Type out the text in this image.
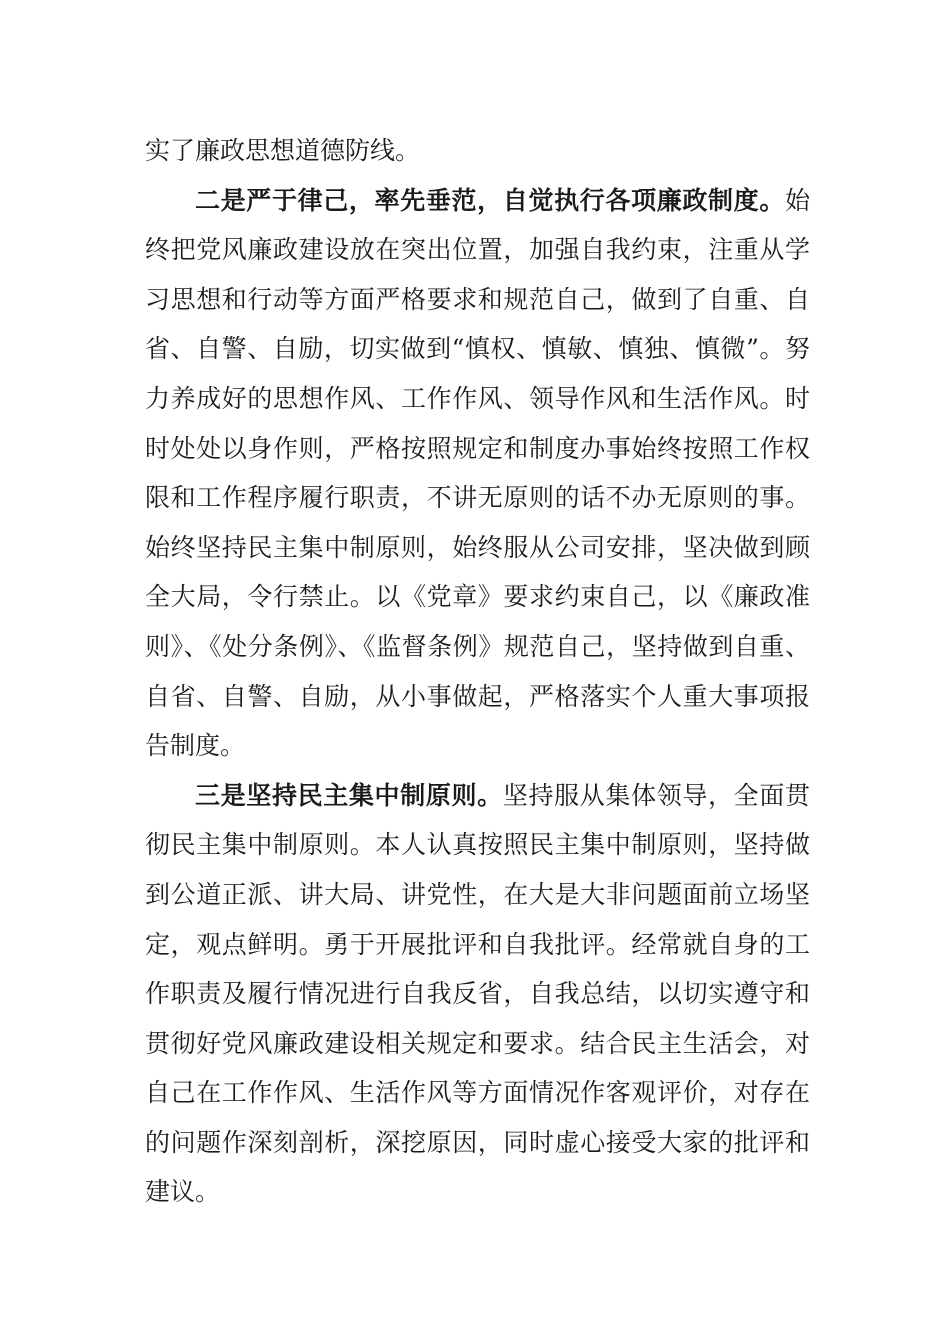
实了廉政思想道德防线。

二是严于律己，率先垂范，自觉执行各项廉政制度。始终把党风廉政建设放在突出位置，加强自我约束，注重从学习思想和行动等方面严格要求和规范自己，做到了自重、自省、自警、自励，切实做到“慎权、慎敏、慎独、慎微”。努力养成好的思想作风、工作作风、领导作风和生活作风。时时处处以身作则，严格按照规定和制度办事始终按照工作权限和工作程序履行职责，不讲无原则的话不办无原则的事。始终坚持民主集中制原则，始终服从公司安排，坚决做到顾全大局，令行禁止。以《党章》要求约束自己，以《廉政准则》、《处分条例》、《监督条例》规范自己，坚持做到自重、自省、自警、自励，从小事做起，严格落实个人重大事项报告制度。

三是坚持民主集中制原则。坚持服从集体领导，全面贯彻民主集中制原则。本人认真按照民主集中制原则，坚持做到公道正派、讲大局、讲党性，在大是大非问题面前立场坚定，观点鲜明。勇于开展批评和自我批评。经常就自身的工作职责及履行情况进行自我反省，自我总结，以切实遵守和贯彻好党风廉政建设相关规定和要求。结合民主生活会，对自己在工作作风、生活作风等方面情况作客观评价，对存在的问题作深刻剖析，深挖原因，同时虚心接受大家的批评和建议。
